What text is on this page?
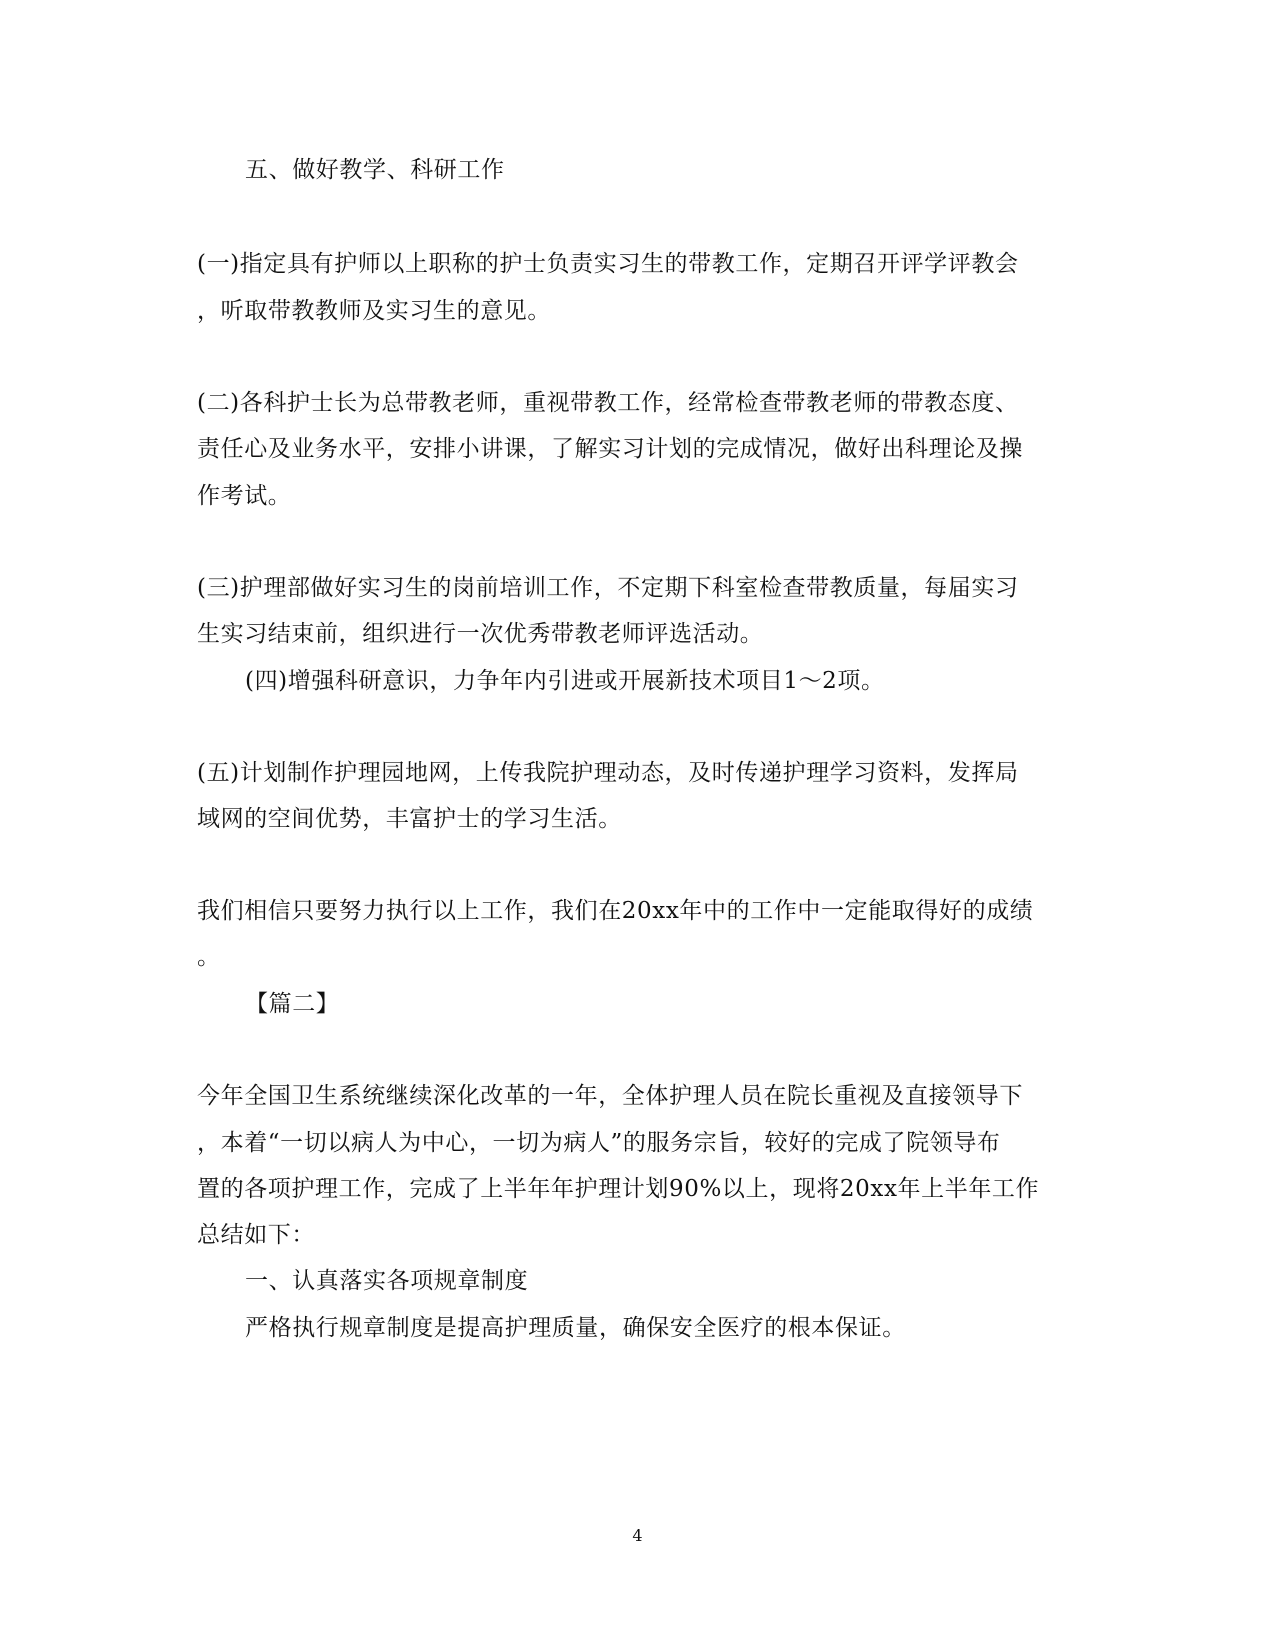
五、做好教学、科研工作
(一)指定具有护师以上职称的护士负责实习生的带教工作，定期召开评学评教会
，听取带教教师及实习生的意见。
(二)各科护士长为总带教老师，重视带教工作，经常检查带教老师的带教态度、
责任心及业务水平，安排小讲课，了解实习计划的完成情况，做好出科理论及操
作考试。
(三)护理部做好实习生的岗前培训工作，不定期下科室检查带教质量，每届实习
生实习结束前，组织进行一次优秀带教老师评选活动。
(四)增强科研意识，力争年内引进或开展新技术项目1～2项。
(五)计划制作护理园地网，上传我院护理动态，及时传递护理学习资料，发挥局
域网的空间优势，丰富护士的学习生活。
我们相信只要努力执行以上工作，我们在20xx年中的工作中一定能取得好的成绩
。
【篇二】
今年全国卫生系统继续深化改革的一年，全体护理人员在院长重视及直接领导下
，本着“一切以病人为中心，一切为病人”的服务宗旨，较好的完成了院领导布
置的各项护理工作，完成了上半年年护理计划90%以上，现将20xx年上半年工作
总结如下：
一、认真落实各项规章制度
严格执行规章制度是提高护理质量，确保安全医疗的根本保证。
4
